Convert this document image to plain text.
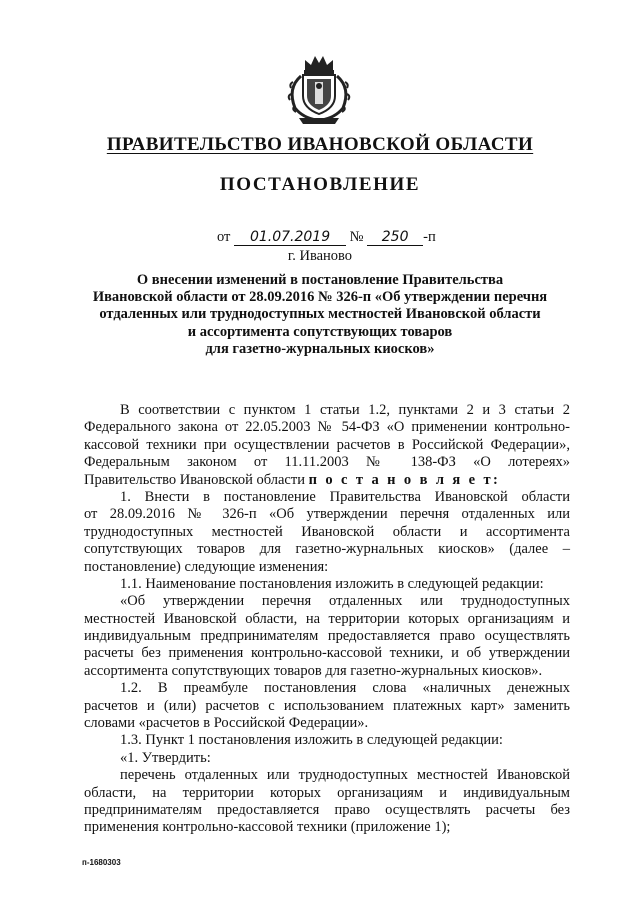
ПРАВИТЕЛЬСТВО ИВАНОВСКОЙ ОБЛАСТИ
ПОСТАНОВЛЕНИЕ
от 01.07.2019 № 250 -п
г. Иваново
О внесении изменений в постановление Правительства
Ивановской области от 28.09.2016 № 326-п «Об утверждении перечня
отдаленных или труднодоступных местностей Ивановской области
и ассортимента сопутствующих товаров
для газетно-журнальных киосков»
В соответствии с пунктом 1 статьи 1.2, пунктами 2 и 3 статьи 2
Федерального закона от 22.05.2003 № 54-ФЗ «О применении контрольно-
кассовой техники при осуществлении расчетов в Российской Федерации»,
Федеральным законом от 11.11.2003 № 138-ФЗ «О лотереях»
Правительство Ивановской области п о с т а н о в л я е т:
1. Внести в постановление Правительства Ивановской области
от 28.09.2016 № 326-п «Об утверждении перечня отдаленных или
труднодоступных местностей Ивановской области и ассортимента
сопутствующих товаров для газетно-журнальных киосков» (далее –
постановление) следующие изменения:
1.1. Наименование постановления изложить в следующей редакции:
«Об утверждении перечня отдаленных или труднодоступных
местностей Ивановской области, на территории которых организациям и
индивидуальным предпринимателям предоставляется право осуществлять
расчеты без применения контрольно-кассовой техники, и об утверждении
ассортимента сопутствующих товаров для газетно-журнальных киосков».
1.2. В преамбуле постановления слова «наличных денежных
расчетов и (или) расчетов с использованием платежных карт» заменить
словами «расчетов в Российской Федерации».
1.3. Пункт 1 постановления изложить в следующей редакции:
«1. Утвердить:
перечень отдаленных или труднодоступных местностей Ивановской
области, на территории которых организациям и индивидуальным
предпринимателям предоставляется право осуществлять расчеты без
применения контрольно-кассовой техники (приложение 1);
п-1680303
